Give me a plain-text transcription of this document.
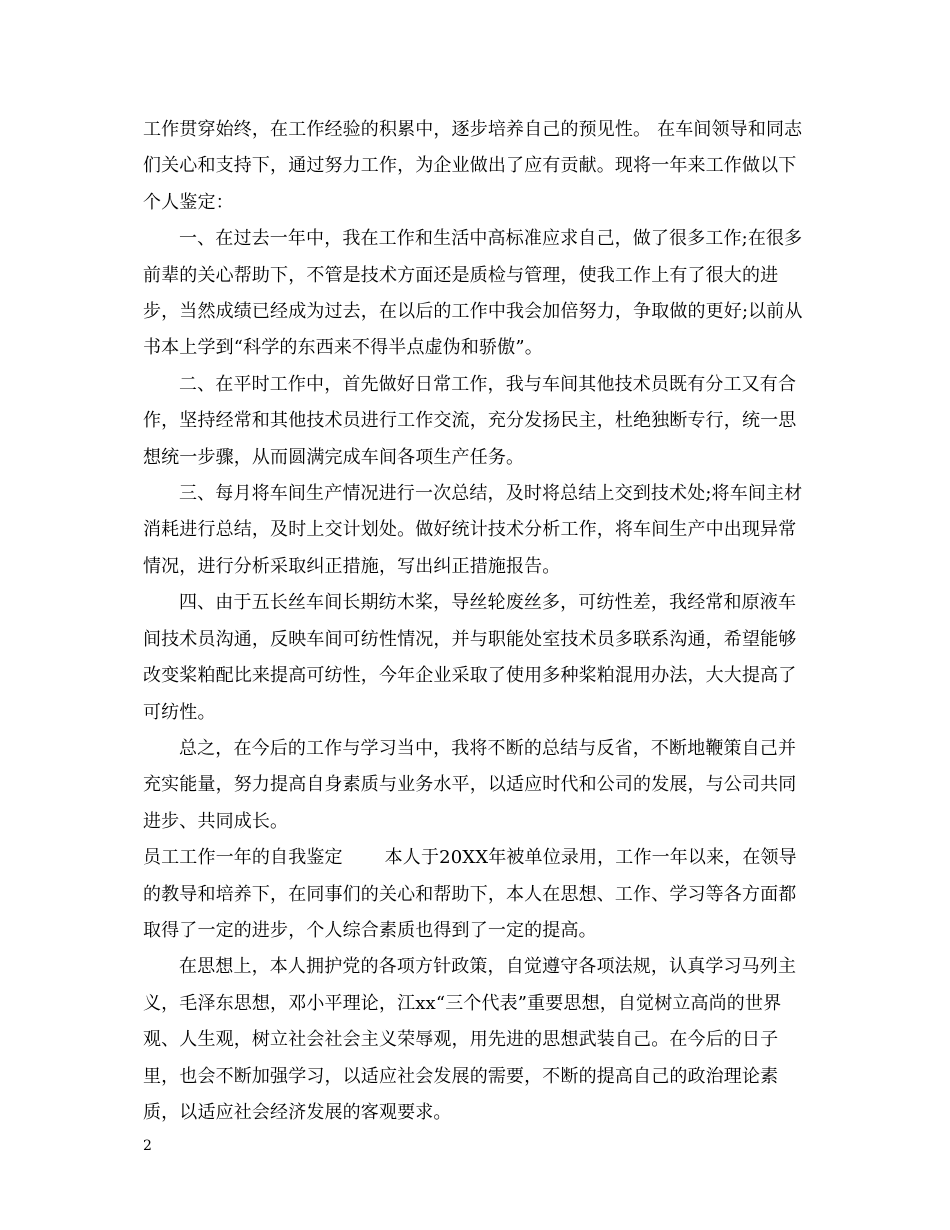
工作贯穿始终，在工作经验的积累中，逐步培养自己的预见性。 在车间领导和同志们关心和支持下，通过努力工作，为企业做出了应有贡献。现将一年来工作做以下个人鉴定：

一、在过去一年中，我在工作和生活中高标准应求自己，做了很多工作;在很多前辈的关心帮助下，不管是技术方面还是质检与管理，使我工作上有了很大的进步，当然成绩已经成为过去，在以后的工作中我会加倍努力，争取做的更好;以前从书本上学到“科学的东西来不得半点虚伪和骄傲”。

二、在平时工作中，首先做好日常工作，我与车间其他技术员既有分工又有合作，坚持经常和其他技术员进行工作交流，充分发扬民主，杜绝独断专行，统一思想统一步骤，从而圆满完成车间各项生产任务。

三、每月将车间生产情况进行一次总结，及时将总结上交到技术处;将车间主材消耗进行总结，及时上交计划处。做好统计技术分析工作，将车间生产中出现异常情况，进行分析采取纠正措施，写出纠正措施报告。

四、由于五长丝车间长期纺木桨，导丝轮废丝多，可纺性差，我经常和原液车间技术员沟通，反映车间可纺性情况，并与职能处室技术员多联系沟通，希望能够改变桨粕配比来提高可纺性，今年企业采取了使用多种桨粕混用办法，大大提高了可纺性。

总之，在今后的工作与学习当中，我将不断的总结与反省，不断地鞭策自己并充实能量，努力提高自身素质与业务水平，以适应时代和公司的发展，与公司共同进步、共同成长。

员工工作一年的自我鉴定 本人于20XX年被单位录用，工作一年以来，在领导的教导和培养下，在同事们的关心和帮助下，本人在思想、工作、学习等各方面都取得了一定的进步，个人综合素质也得到了一定的提高。

在思想上，本人拥护党的各项方针政策，自觉遵守各项法规，认真学习马列主义，毛泽东思想，邓小平理论，江xx“三个代表”重要思想，自觉树立高尚的世界观、人生观，树立社会社会主义荣辱观，用先进的思想武装自己。在今后的日子里，也会不断加强学习，以适应社会发展的需要，不断的提高自己的政治理论素质，以适应社会经济发展的客观要求。

2
